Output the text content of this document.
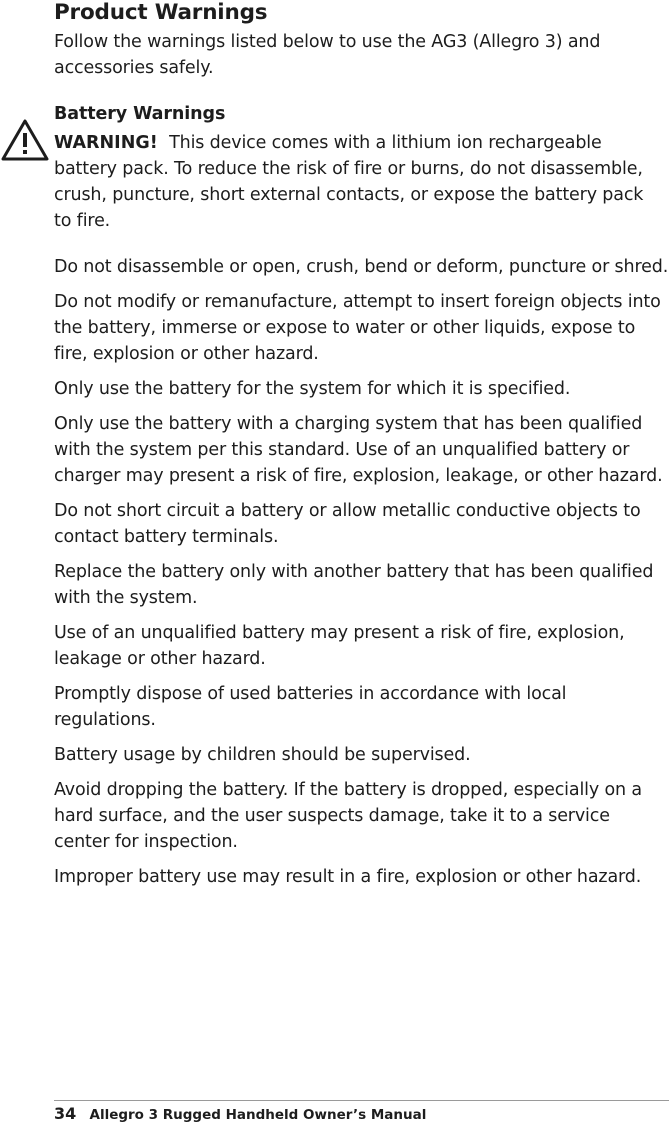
Product Warnings
Follow the warnings listed below to use the AG3 (Allegro 3) and accessories safely.
Battery Warnings
WARNING! This device comes with a lithium ion rechargeable battery pack. To reduce the risk of fire or burns, do not disassemble, crush, puncture, short external contacts, or expose the battery pack to fire.

Do not disassemble or open, crush, bend or deform, puncture or shred.

Do not modify or remanufacture, attempt to insert foreign objects into the battery, immerse or expose to water or other liquids, expose to fire, explosion or other hazard.

Only use the battery for the system for which it is specified.

Only use the battery with a charging system that has been qualified with the system per this standard. Use of an unqualified battery or charger may present a risk of fire, explosion, leakage, or other hazard.

Do not short circuit a battery or allow metallic conductive objects to contact battery terminals.

Replace the battery only with another battery that has been qualified with the system.

Use of an unqualified battery may present a risk of fire, explosion, leakage or other hazard.

Promptly dispose of used batteries in accordance with local regulations.

Battery usage by children should be supervised.

Avoid dropping the battery. If the battery is dropped, especially on a hard surface, and the user suspects damage, take it to a service center for inspection.

Improper battery use may result in a fire, explosion or other hazard.

34 Allegro 3 Rugged Handheld Owner’s Manual
